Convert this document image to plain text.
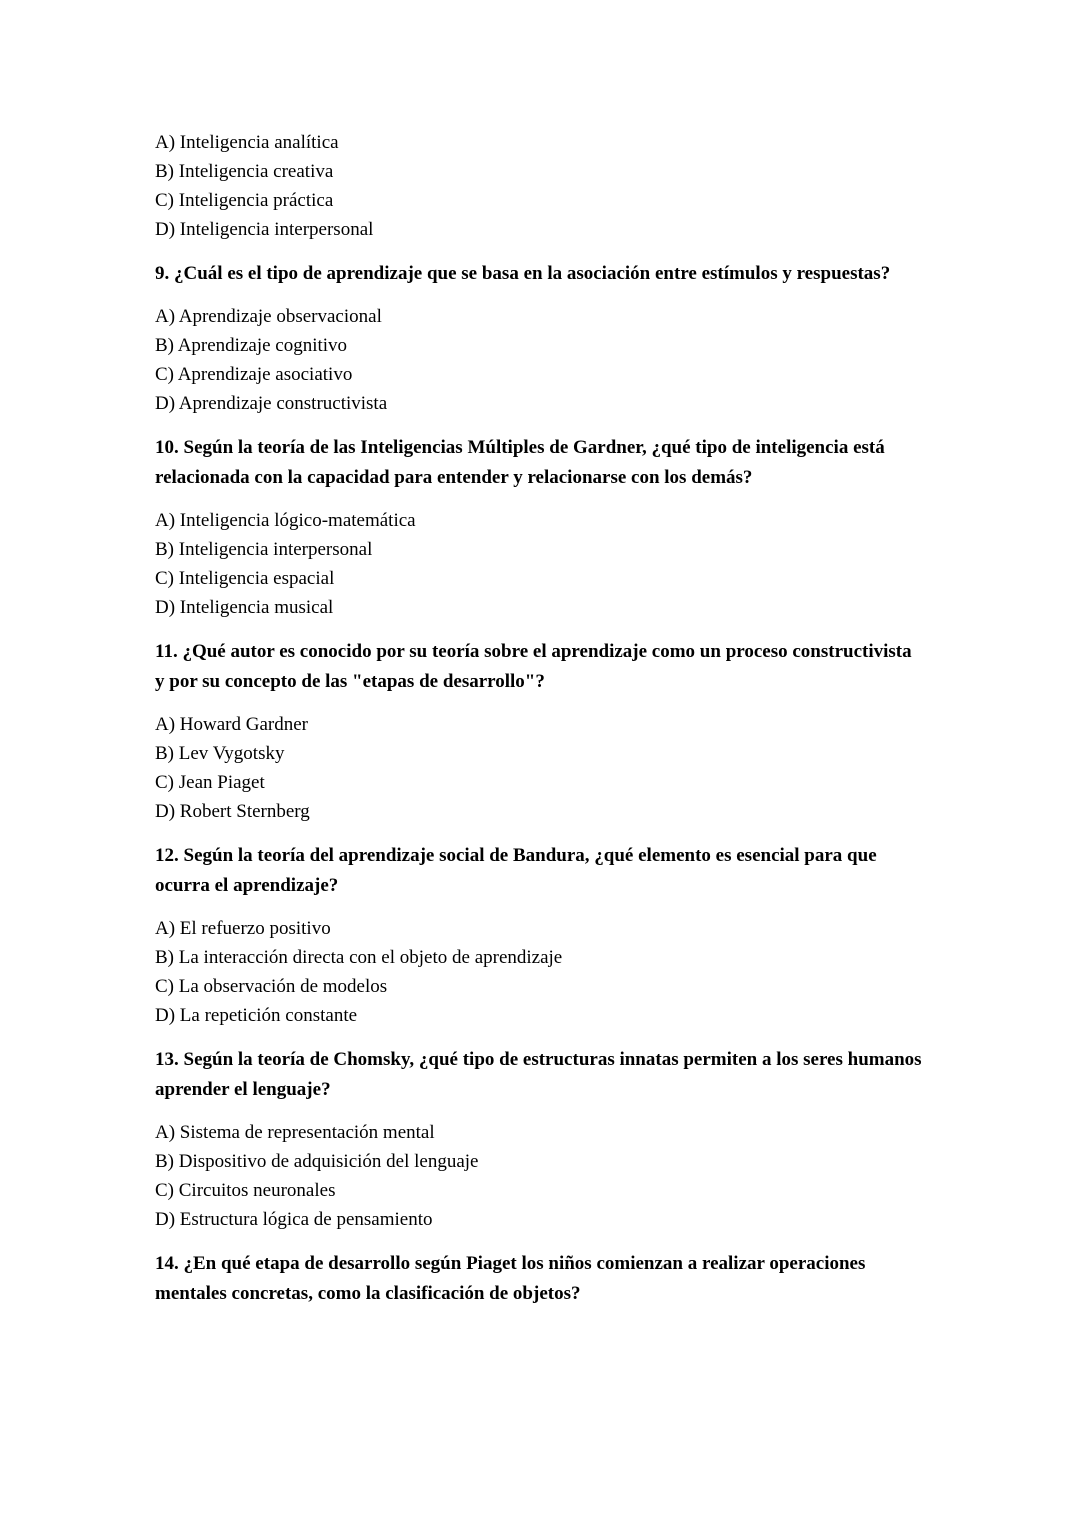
A) Inteligencia analítica

B) Inteligencia creativa

C) Inteligencia práctica

D) Inteligencia interpersonal

9. ¿Cuál es el tipo de aprendizaje que se basa en la asociación entre estímulos y respuestas?

A) Aprendizaje observacional

B) Aprendizaje cognitivo

C) Aprendizaje asociativo

D) Aprendizaje constructivista

10. Según la teoría de las Inteligencias Múltiples de Gardner, ¿qué tipo de inteligencia está relacionada con la capacidad para entender y relacionarse con los demás?

A) Inteligencia lógico-matemática

B) Inteligencia interpersonal

C) Inteligencia espacial

D) Inteligencia musical

11. ¿Qué autor es conocido por su teoría sobre el aprendizaje como un proceso constructivista y por su concepto de las "etapas de desarrollo"?

A) Howard Gardner

B) Lev Vygotsky

C) Jean Piaget

D) Robert Sternberg

12. Según la teoría del aprendizaje social de Bandura, ¿qué elemento es esencial para que ocurra el aprendizaje?

A) El refuerzo positivo

B) La interacción directa con el objeto de aprendizaje

C) La observación de modelos

D) La repetición constante

13. Según la teoría de Chomsky, ¿qué tipo de estructuras innatas permiten a los seres humanos aprender el lenguaje?

A) Sistema de representación mental

B) Dispositivo de adquisición del lenguaje

C) Circuitos neuronales

D) Estructura lógica de pensamiento

14. ¿En qué etapa de desarrollo según Piaget los niños comienzan a realizar operaciones mentales concretas, como la clasificación de objetos?
